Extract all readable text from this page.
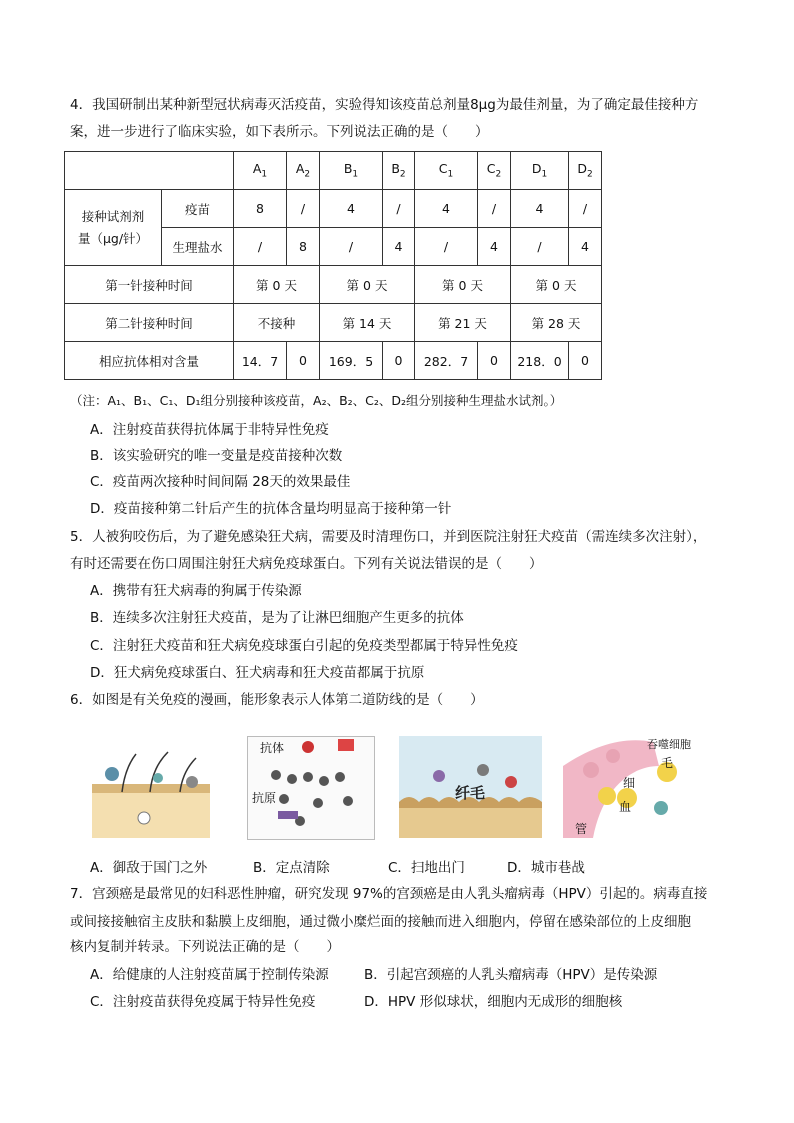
4．我国研制出某种新型冠状病毒灭活疫苗，实验得知该疫苗总剂量8μg为最佳剂量，为了确定最佳接种方
案，进一步进行了临床实验，如下表所示。下列说法正确的是（　　）
		$A_1$	$A_2$	$B_1$	$B_2$	$C_1$	$C_2$	$D_1$	$D_2$

接种试剂剂
量（μg/针）	疫苗	8	/	4	/	4	/	4	/
	生理盐水	/	8	/	4	/	4	/	4
第一针接种时间		第 0 天		第 0 天		第 0 天		第 0 天	
第二针接种时间		不接种		第 14 天		第 21 天		第 28 天	
相应抗体相对含量		14．7	0	169．5	0	282．7	0	218．0	0
（注：A₁、B₁、C₁、D₁组分别接种该疫苗，A₂、B₂、C₂、D₂组分别接种生理盐水试剂。）
A．注射疫苗获得抗体属于非特异性免疫
B．该实验研究的唯一变量是疫苗接种次数
C．疫苗两次接种时间间隔 28天的效果最佳
D．疫苗接种第二针后产生的抗体含量均明显高于接种第一针
5．人被狗咬伤后，为了避免感染狂犬病，需要及时清理伤口，并到医院注射狂犬疫苗（需连续多次注射），
有时还需要在伤口周围注射狂犬病免疫球蛋白。下列有关说法错误的是（　　）
A．携带有狂犬病毒的狗属于传染源
B．连续多次注射狂犬疫苗，是为了让淋巴细胞产生更多的抗体
C．注射狂犬疫苗和狂犬病免疫球蛋白引起的免疫类型都属于特异性免疫
D．狂犬病免疫球蛋白、狂犬病毒和狂犬疫苗都属于抗原
6．如图是有关免疫的漫画，能形象表示人体第二道防线的是（　　）
抗体
抗原	纤毛
吞噬细胞
毛
细
血
管
A．御敌于国门之外	B．定点清除	C．扫地出门	D．城市巷战
7．宫颈癌是最常见的妇科恶性肿瘤，研究发现 97%的宫颈癌是由人乳头瘤病毒（HPV）引起的。病毒直接
或间接接触宿主皮肤和黏膜上皮细胞，通过微小糜烂面的接触而进入细胞内，停留在感染部位的上皮细胞
核内复制并转录。下列说法正确的是（　　）
A．给健康的人注射疫苗属于控制传染源	B．引起宫颈癌的人乳头瘤病毒（HPV）是传染源
C．注射疫苗获得免疫属于特异性免疫	D．HPV 形似球状，细胞内无成形的细胞核
